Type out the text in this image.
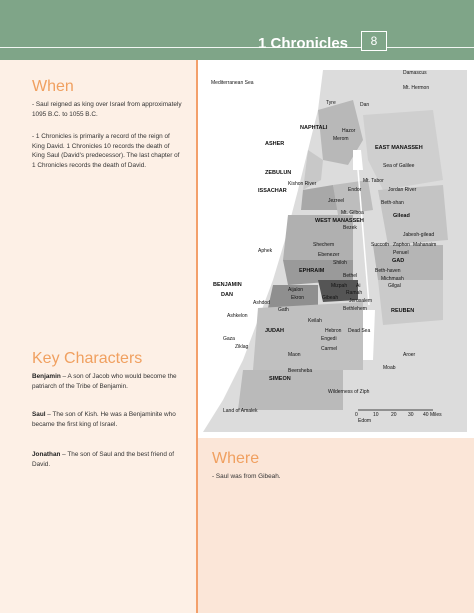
1 Chronicles	8
When
- Saul reigned as king over Israel from approximately 1095 B.C. to 1055 B.C.
- 1 Chronicles is primarily a record of the reign of King David. 1 Chronicles 10 records the death of King Saul (David's predecessor). The last chapter of 1 Chronicles records the death of David.
Key Characters
Benjamin – A son of Jacob who would become the patriarch of the Tribe of Benjamin.
Saul – The son of Kish. He was a Benjaminite who became the first king of Israel.
Jonathan – The son of Saul and the best friend of David.
Mediterranean Sea
Damascus
Mt. Hermon
Tyre	Dan
NAPHTALI	Hazor
ASHER
Merom
EAST MANASSEH
Sea of Galilee
ZEBULUN
Kishon River	Mt. Tabor
ISSACHAR	Endor	Jordan River
Jezreel
Mt. Gilboa
Beth-shan
WEST MANASSEH
Bezek
Jabesh-gilead
Gilead
Zaphon Mahanaim
Shechem	Succoth
Penuel
Aphek
Ebenezer
GAD
Shiloh
EPHRAIM
Bethel
Beth-haven
Michmash
Mizpah Ai	Gilgal
BENJAMIN
DAN	Ekron
Aijalon
Gibeah
Ramah
Jerusalem
Bethlehem
Ashdod
Gath
Keilah
Ashkelon
REUBEN
JUDAH	Hebron Dead Sea
Gaza	Engedi
Ziklag	Carmel
Maon	Aroer
Beersheba
SIMEON
Moab
Land of Amalek
Wilderness of Ziph
Edom
0	10 20 30 40 Miles
Where
- Saul was from Gibeah.
